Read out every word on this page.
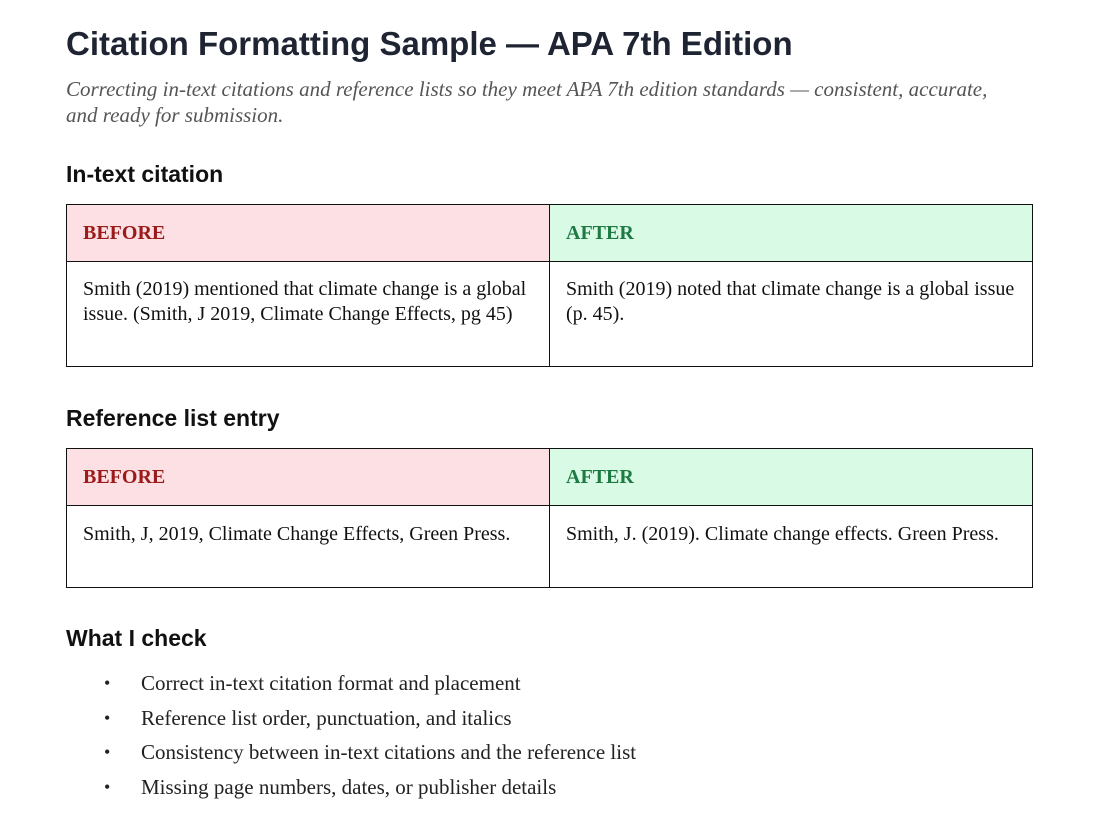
Citation Formatting Sample — APA 7th Edition

Correcting in-text citations and reference lists so they meet APA 7th edition standards — consistent, accurate, and ready for submission.

In-text citation
BEFORE	AFTER
Smith (2019) mentioned that climate change is a global issue. (Smith, J 2019, Climate Change Effects, pg 45)	Smith (2019) noted that climate change is a global issue (p. 45).
Reference list entry
BEFORE	AFTER
Smith, J, 2019, Climate Change Effects, Green Press.	Smith, J. (2019). Climate change effects. Green Press.
What I check
• Correct in-text citation format and placement
• Reference list order, punctuation, and italics
• Consistency between in-text citations and the reference list
• Missing page numbers, dates, or publisher details
